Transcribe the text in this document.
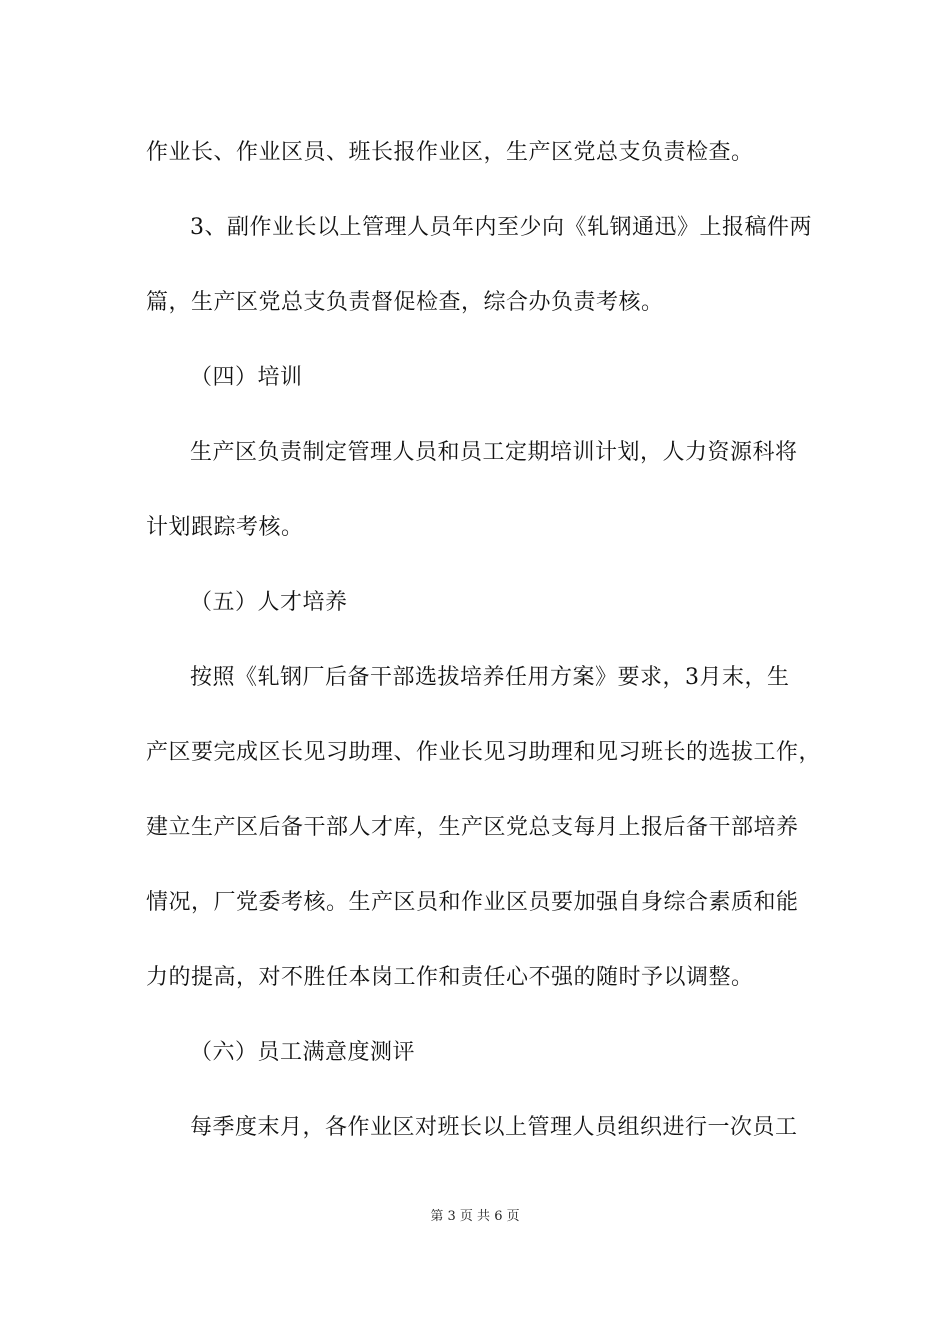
作业长、作业区员、班长报作业区，生产区党总支负责检查。
3、副作业长以上管理人员年内至少向《轧钢通迅》上报稿件两
篇，生产区党总支负责督促检查，综合办负责考核。
（四）培训
生产区负责制定管理人员和员工定期培训计划，人力资源科将
计划跟踪考核。
（五）人才培养
按照《轧钢厂后备干部选拔培养任用方案》要求，3月末，生
产区要完成区长见习助理、作业长见习助理和见习班长的选拔工作，
建立生产区后备干部人才库，生产区党总支每月上报后备干部培养
情况，厂党委考核。生产区员和作业区员要加强自身综合素质和能
力的提高，对不胜任本岗工作和责任心不强的随时予以调整。
（六）员工满意度测评
每季度末月，各作业区对班长以上管理人员组织进行一次员工
第 3 页 共 6 页
